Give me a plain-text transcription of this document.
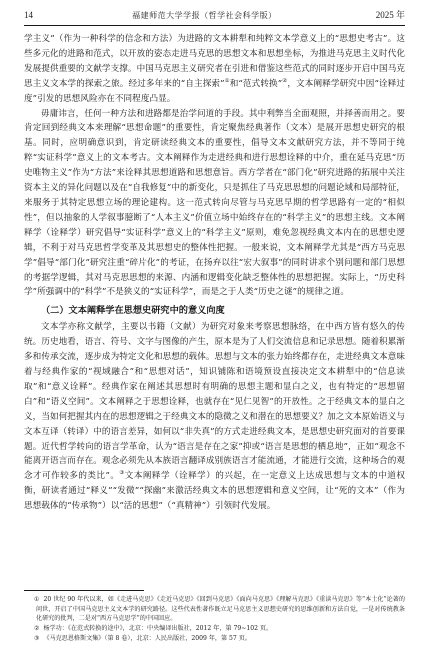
14	福建师范大学学报（哲学社会科学版）	2025 年

学主义”（作为一种科学的信念和方法）为进路的文本耕犁和纯粹文本学意义上的“思想史考古”。这些多元化的进路和范式，以开放的姿态走进马克思的思想文本和思想坐标，为推进马克思主义时代化发展提供重要的文献学支撑。中国马克思主义研究者在引进和借鉴这些范式的同时逐步开启中国马克思主义文本学的探索之旅。经过多年来的“自主探索”①和“范式转换”②，文本阐释学研究中因“诠释过度”引发的思想风险亦在不同程度凸显。

毋庸讳言，任何一种方法和进路都是治学问道的手段。其中利弊当全面观照，并择善而用之。要肯定回到经典文本来理解“思想命题”的重要性，肯定聚焦经典著作（文本）是展开思想史研究的根基。同时，应明确意识到，肯定研读经典文本的重要性，倡导文本文献研究方法，并不等同于纯粹“实证科学”意义上的文本考古。文本阐释作为走进经典和进行思想诠释的中介，重在延马克思“历史唯物主义”作为“方法”来诠释其思想道路和思想意旨。西方学者在“部门化”研究进路的拓展中关注资本主义的异化问题以及在“自我修复”中的新变化，只是抓住了马克思思想的问题论域和局部特征，来服务于其特定思想立场的理论建构。这一范式转向尽管与马克思早期的哲学思路有一定的“相似性”，但以抽象的人学叙事臆断了“人本主义”价值立场中始终存在的“科学主义”的思想主线。文本阐释学（诠释学）研究倡导“实证科学”意义上的“科学主义”原则，难免忽视经典文本内在的思想史逻辑，不利于对马克思哲学变革及其思想史的整体性把握。一般来说，文本阐释学尤其是“西方马克思学”倡导“部门化”研究注重“碎片化”的考证，在扬弃以往“宏大叙事”的同时讲求个别问题和部门思想的考据学逻辑，其对马克思思想的来源、内涵和逻辑变化缺乏整体性的思想把握。实际上，“历史科学”所强调中的“科学”不是狭义的“实证科学”，而是之于人类“历史之谜”的规律之道。

（二）文本阐释学在思想史研究中的意义向度

文本学亦称文献学，主要以书籍（文献）为研究对象来考察思想脉络，在中西方皆有悠久的传统。历史地看，语言、符号、文字与图像的产生，原本是为了人们交流信息和记录思想。随着积累渐多和传承交流，逐步成为特定文化和思想的载体。思想与文本的张力始终都存在，走进经典文本意味着与经典作家的“视域融合”和“思想对话”，知识铺陈和语境预设直接决定文本耕犁中的“信息读取”和“意义诠释”。经典作家在阐述其思想时有明确的思想主题和显白之义，也有特定的“思想留白”和“语义空间”。文本阐释之于思想诠释，也就存在“见仁见智”的开放性。之于经典文本的显白之义，当如何把握其内在的思想逻辑之于经典文本的隐微之义和潜在的思想要义？加之文本原始语义与文本互译（转译）中的语言差异，如何以“非失真”的方式走进经典文本，是思想史研究面对的首要课题。近代哲学转向的语言学革命，认为“语言是存在之家”抑或“语言是思想的栖息地”，正如“观念不能离开语言而存在。观念必须先从本族语言翻译成别族语言才能流通，才能进行交流，这种场合的观念才可作较多的类比”。③文本阐释学（诠释学）的兴起，在一定意义上达成思想与文本的中道权衡，研读者通过“释义”“发微”“探幽”来激活经典文本的思想逻辑和意义空间，让“死的文本”（作为思想载体的“传承物”）以“活的思想”（“真精神”）引领时代发展。

① 20 世纪 90 年代以来，如《走进马克思》《走近马克思》《回到马克思》《面向马克思》《理解马克思》《重读马克思》等“本土化”论著的问世，开启了中国马克思主义文本学的研究路径。这些代表性著作既立足马克思主义思想史研究的思维创新和方法自觉，一是对传统教条化研究的批判，二是对“西方马克思学”的中国回应。

② 杨学功：《在范式转换的途中》，北京：中央编译出版社，2012 年，第 79~102 页。

③ 《马克思恩格斯文集》（第 8 卷），北京：人民出版社，2009 年，第 57 页。
